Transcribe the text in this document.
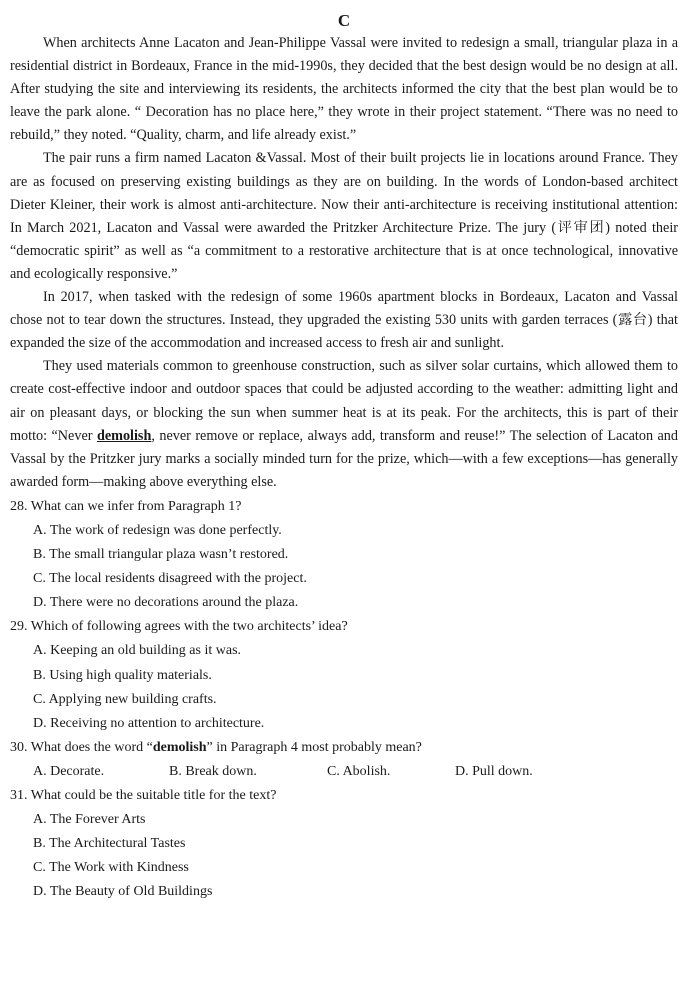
C

When architects Anne Lacaton and Jean-Philippe Vassal were invited to redesign a small, triangular plaza in a residential district in Bordeaux, France in the mid-1990s, they decided that the best design would be no design at all. After studying the site and interviewing its residents, the architects informed the city that the best plan would be to leave the park alone. “ Decoration has no place here,” they wrote in their project statement. “There was no need to rebuild,” they noted. “Quality, charm, and life already exist.”

The pair runs a firm named Lacaton &Vassal. Most of their built projects lie in locations around France. They are as focused on preserving existing buildings as they are on building. In the words of London-based architect Dieter Kleiner, their work is almost anti-architecture. Now their anti-architecture is receiving institutional attention: In March 2021, Lacaton and Vassal were awarded the Pritzker Architecture Prize. The jury (评审团) noted their “democratic spirit” as well as “a commitment to a restorative architecture that is at once technological, innovative and ecologically responsive.”

In 2017, when tasked with the redesign of some 1960s apartment blocks in Bordeaux, Lacaton and Vassal chose not to tear down the structures. Instead, they upgraded the existing 530 units with garden terraces (露台) that expanded the size of the accommodation and increased access to fresh air and sunlight.

They used materials common to greenhouse construction, such as silver solar curtains, which allowed them to create cost-effective indoor and outdoor spaces that could be adjusted according to the weather: admitting light and air on pleasant days, or blocking the sun when summer heat is at its peak. For the architects, this is part of their motto: “Never demolish, never remove or replace, always add, transform and reuse!” The selection of Lacaton and Vassal by the Pritzker jury marks a socially minded turn for the prize, which—with a few exceptions—has generally awarded form—making above everything else.

28. What can we infer from Paragraph 1?

A. The work of redesign was done perfectly.

B. The small triangular plaza wasn’t restored.

C. The local residents disagreed with the project.

D. There were no decorations around the plaza.

29. Which of following agrees with the two architects’ idea?

A. Keeping an old building as it was.

B. Using high quality materials.

C. Applying new building crafts.

D. Receiving no attention to architecture.

30. What does the word “demolish” in Paragraph 4 most probably mean?

A. Decorate.	B. Break down.	C. Abolish.	D. Pull down.

31. What could be the suitable title for the text?

A. The Forever Arts

B. The Architectural Tastes

C. The Work with Kindness

D. The Beauty of Old Buildings
